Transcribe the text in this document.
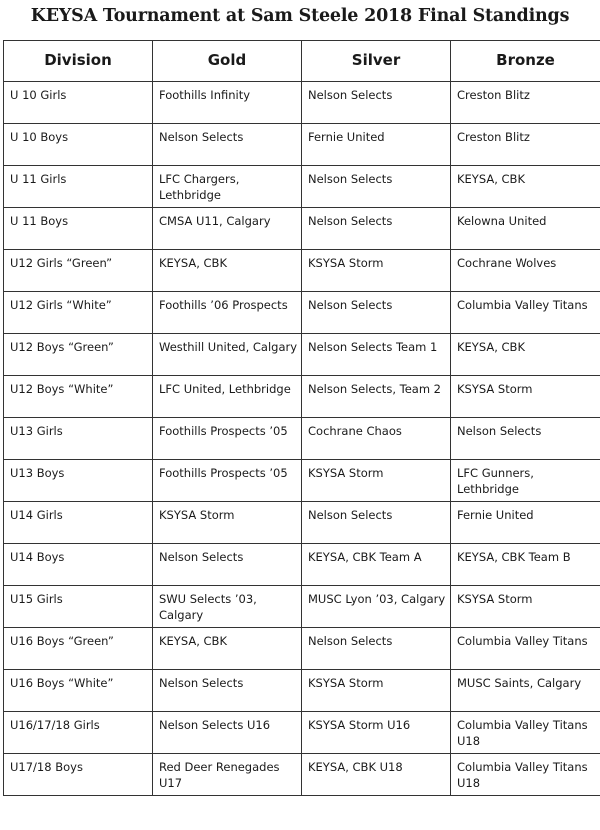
KEYSA Tournament at Sam Steele 2018 Final Standings
Division	Gold	Silver	Bronze
U 10 Girls	Foothills Infinity	Nelson Selects	Creston Blitz
U 10 Boys	Nelson Selects	Fernie United	Creston Blitz
U 11 Girls	LFC Chargers, Lethbridge	Nelson Selects	KEYSA, CBK
U 11 Boys	CMSA U11, Calgary	Nelson Selects	Kelowna United
U12 Girls “Green”	KEYSA, CBK	KSYSA Storm	Cochrane Wolves
U12 Girls “White”	Foothills ’06 Prospects	Nelson Selects	Columbia Valley Titans
U12 Boys “Green”	Westhill United, Calgary	Nelson Selects Team 1	KEYSA, CBK
U12 Boys “White”	LFC United, Lethbridge	Nelson Selects, Team 2	KSYSA Storm
U13 Girls	Foothills Prospects ’05	Cochrane Chaos	Nelson Selects
U13 Boys	Foothills Prospects ’05	KSYSA Storm	LFC Gunners, Lethbridge
U14 Girls	KSYSA Storm	Nelson Selects	Fernie United
U14 Boys	Nelson Selects	KEYSA, CBK Team A	KEYSA, CBK Team B
U15 Girls	SWU Selects ’03, Calgary	MUSC Lyon ’03, Calgary	KSYSA Storm
U16 Boys “Green”	KEYSA, CBK	Nelson Selects	Columbia Valley Titans
U16 Boys “White”	Nelson Selects	KSYSA Storm	MUSC Saints, Calgary
U16/17/18 Girls	Nelson Selects U16	KSYSA Storm U16	Columbia Valley Titans U18
U17/18 Boys	Red Deer Renegades U17	KEYSA, CBK U18	Columbia Valley Titans U18
